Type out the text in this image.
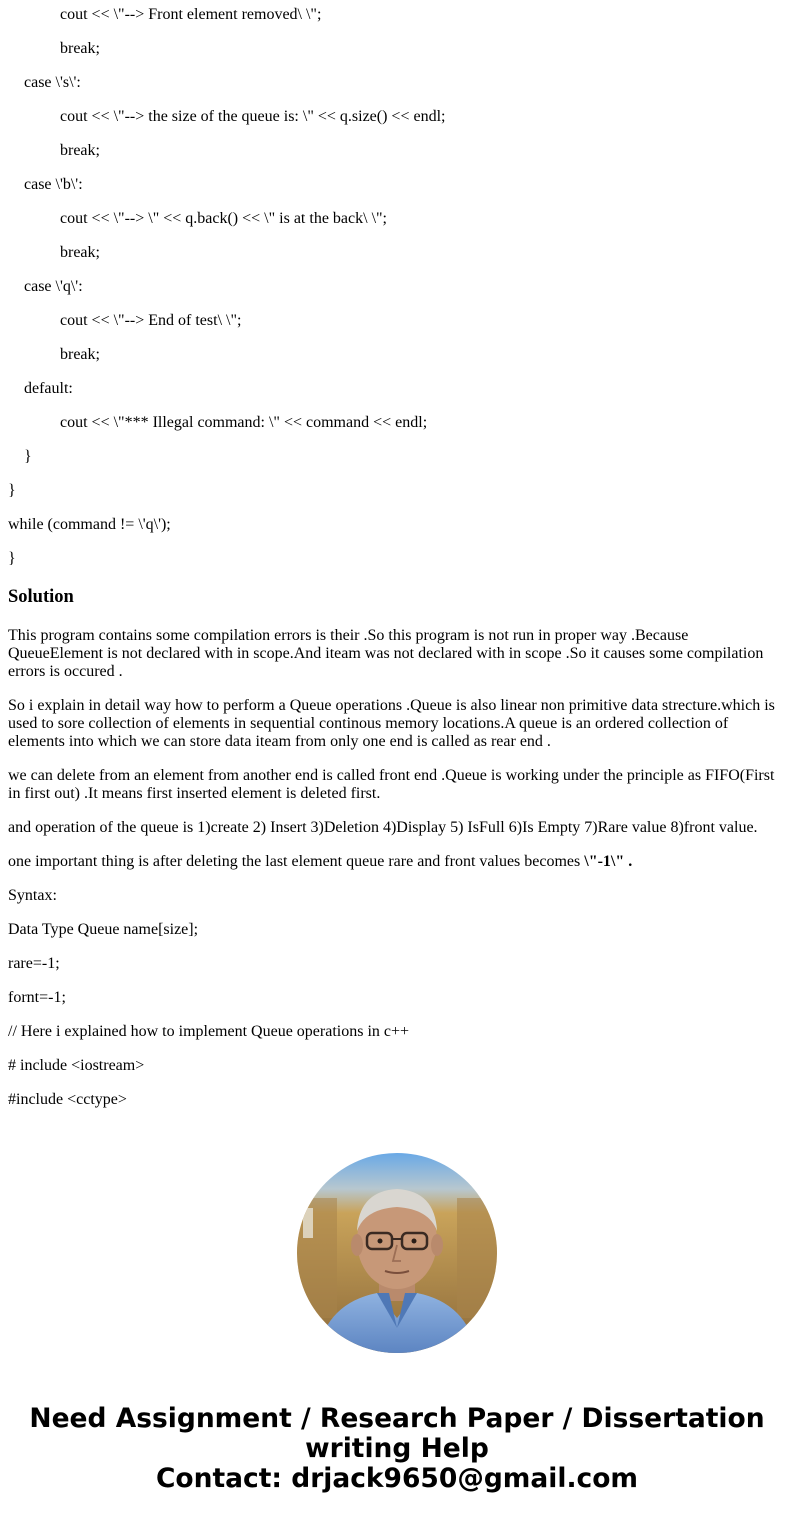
cout << \"--> Front element removed\ \";
break;
case \'s\':
cout << \"--> the size of the queue is: \" << q.size() << endl;
break;
case \'b\':
cout << \"--> \" << q.back() << \" is at the back\ \";
break;
case \'q\':
cout << \"--> End of test\ \";
break;
default:
cout << \"*** Illegal command: \" << command << endl;
}
}
while (command != \'q\');
}
Solution

This program contains some compilation errors is their .So this program is not run in proper way .Because QueueElement is not declared with in scope.And iteam was not declared with in scope .So it causes some compilation errors is occured .

So i explain in detail way how to perform a Queue operations .Queue is also linear non primitive data strecture.which is used to sore collection of elements in sequential continous memory locations.A queue is an ordered collection of elements into which we can store data iteam from only one end is called as rear end .

we can delete from an element from another end is called front end .Queue is working under the principle as FIFO(First in first out) .It means first inserted element is deleted first.

and operation of the queue is 1)create 2) Insert 3)Deletion 4)Display 5) IsFull 6)Is Empty 7)Rare value 8)front value.

one important thing is after deleting the last element queue rare and front values becomes \"-1\" .

Syntax:

Data Type Queue name[size];

rare=-1;

fornt=-1;

// Here i explained how to implement Queue operations in c++

# include <iostream>

#include <cctype>

Need Assignment / Research Paper / Dissertation
writing Help
Contact: drjack9650@gmail.com
